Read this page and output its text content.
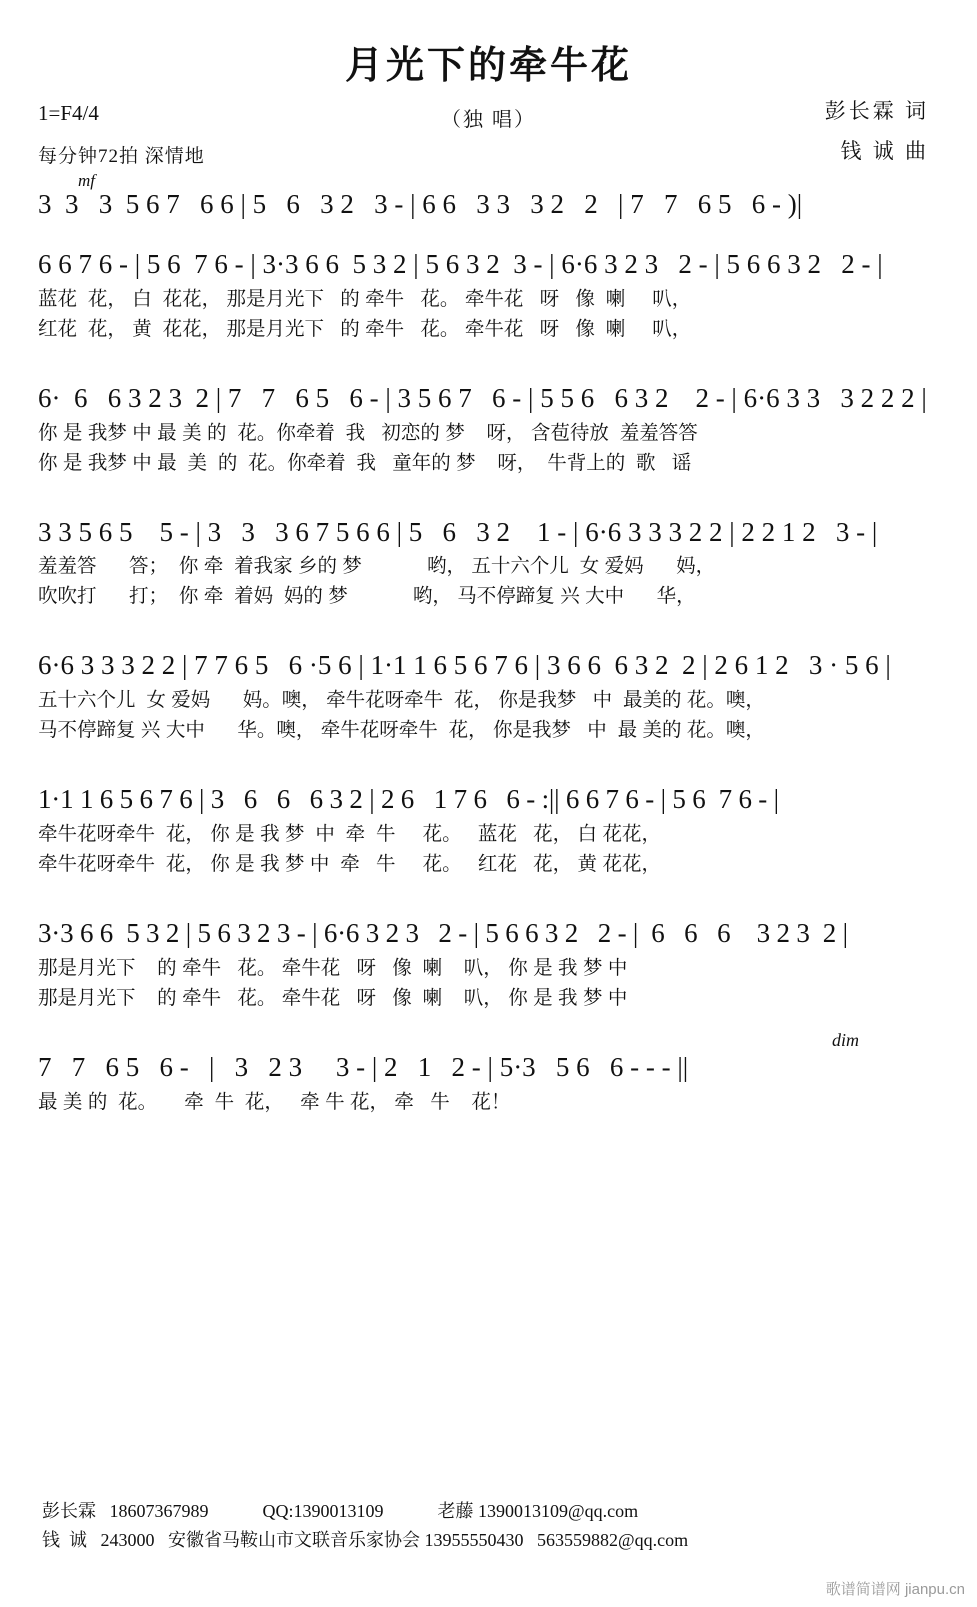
月光下的牵牛花
1=F4/4	（独 唱）
每分钟72拍 深情地
彭长霖 词
钱 诚 曲
mf
3  3   3  5 6 7   6 6 | 5   6   3 2   3 - | 6 6   3 3   3 2   2   | 7   7   6 5   6 - )|
6 6 7 6 - | 5 6  7 6 - | 3·3 6 6  5 3 2 | 5 6 3 2  3 - | 6·6 3 2 3   2 - | 5 6 6 3 2   2 - |
蓝花  花， 白  花花， 那是月光下   的 牵牛   花。 牵牛花   呀   像  喇     叭，
红花  花， 黄  花花， 那是月光下   的 牵牛   花。 牵牛花   呀   像  喇     叭，
6·  6   6 3 2 3  2 | 7   7   6 5   6 - | 3 5 6 7   6 - | 5 5 6   6 3 2    2 - | 6·6 3 3   3 2 2 2 |
你 是 我梦 中 最 美 的  花。你牵着  我   初恋的 梦    呀， 含苞待放  羞羞答答
你 是 我梦 中 最  美  的  花。你牵着  我   童年的 梦    呀，  牛背上的  歌   谣
3 3 5 6 5    5 - | 3   3   3 6 7 5 6 6 | 5   6   3 2    1 - | 6·6 3 3 3 2 2 | 2 2 1 2   3 - |
羞羞答      答；  你 牵  着我家 乡的 梦            哟， 五十六个儿  女 爱妈      妈，
吹吹打      打；  你 牵  着妈  妈的 梦            哟， 马不停蹄复 兴 大中      华，
6·6 3 3 3 2 2 | 7 7 6 5   6 ·5 6 | 1·1 1 6 5 6 7 6 | 3 6 6  6 3 2  2 | 2 6 1 2   3 · 5 6 |
五十六个儿  女 爱妈      妈。噢， 牵牛花呀牵牛  花， 你是我梦   中  最美的 花。噢，
马不停蹄复 兴 大中      华。噢， 牵牛花呀牵牛  花， 你是我梦   中  最 美的 花。噢，
1·1 1 6 5 6 7 6 | 3   6   6   6 3 2 | 2 6   1 7 6   6 - :|| 6 6 7 6 - | 5 6  7 6 - |
牵牛花呀牵牛  花， 你 是 我 梦  中  牵  牛     花。   蓝花   花， 白 花花，
牵牛花呀牵牛  花， 你 是 我 梦 中  牵   牛     花。   红花   花， 黄 花花，
3·3 6 6  5 3 2 | 5 6 3 2 3 - | 6·6 3 2 3   2 - | 5 6 6 3 2   2 - |  6   6   6    3 2 3  2 |
那是月光下    的 牵牛   花。 牵牛花   呀   像  喇    叭， 你 是 我 梦 中
那是月光下    的 牵牛   花。 牵牛花   呀   像  喇    叭， 你 是 我 梦 中
dim
7   7   6 5   6 -   |   3   2 3     3 - | 2   1   2 - | 5·3   5 6   6 - - - ||
最 美 的  花。     牵  牛  花，   牵 牛 花， 牵   牛    花！
彭长霖   18607367989            QQ:1390013109            老藤 1390013109@qq.com
钱  诚   243000   安徽省马鞍山市文联音乐家协会 13955550430   563559882@qq.com
歌谱简谱网 jianpu.cn
